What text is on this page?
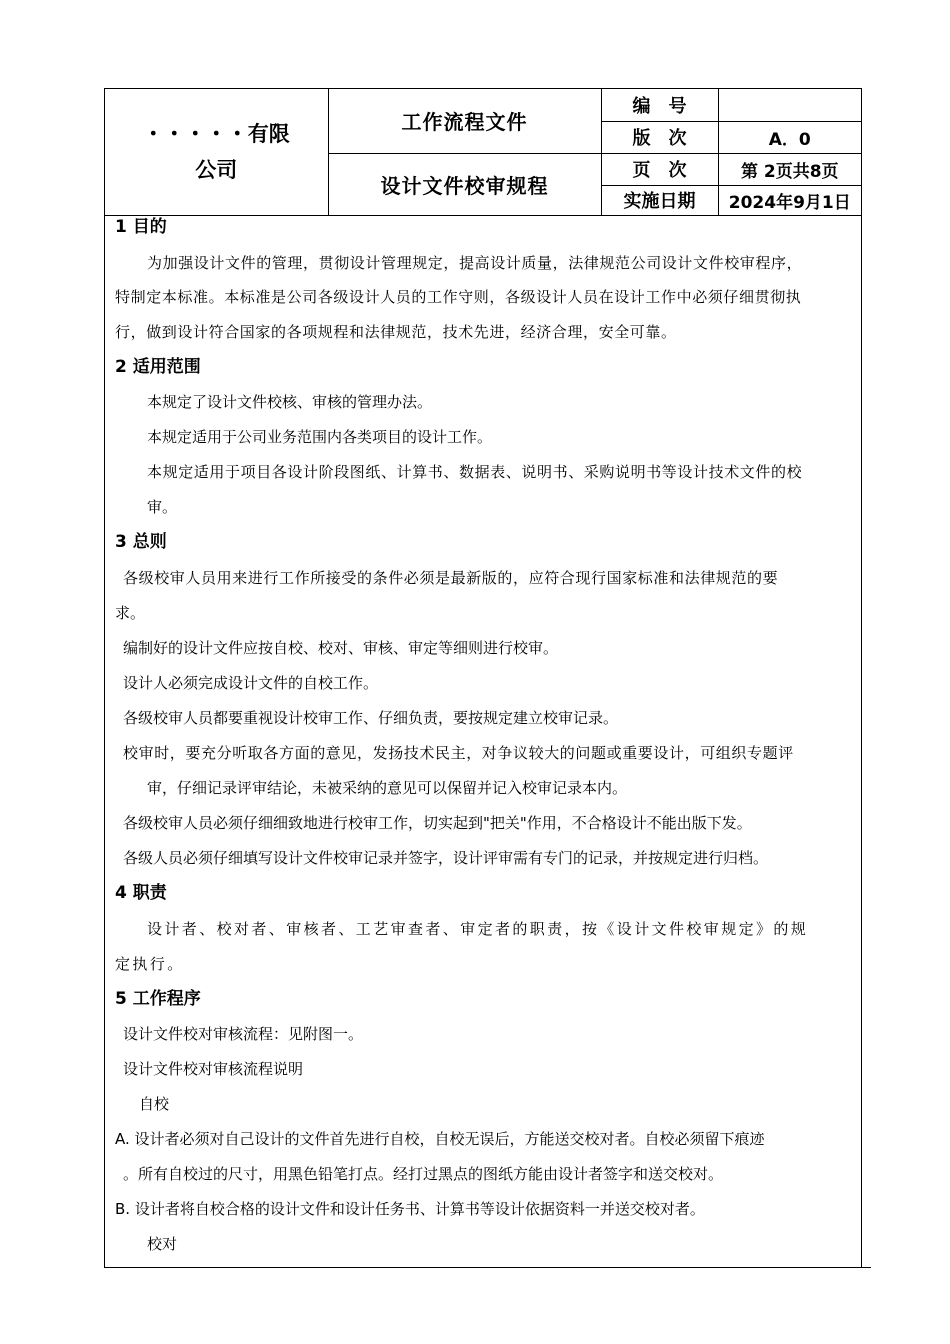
・・・・・有限公司	工作流程文件	编　号	
		版　次	A．0
	设计文件校审规程	页　次	第 2页共8页
		实施日期	2024年9月1日
1 目的
为加强设计文件的管理，贯彻设计管理规定，提高设计质量，法律规范公司设计文件校审程序，
特制定本标准。本标准是公司各级设计人员的工作守则，各级设计人员在设计工作中必须仔细贯彻执
行，做到设计符合国家的各项规程和法律规范，技术先进，经济合理，安全可靠。
2 适用范围
本规定了设计文件校核、审核的管理办法。
本规定适用于公司业务范围内各类项目的设计工作。
本规定适用于项目各设计阶段图纸、计算书、数据表、说明书、采购说明书等设计技术文件的校
审。
3 总则
各级校审人员用来进行工作所接受的条件必须是最新版的，应符合现行国家标准和法律规范的要
求。
编制好的设计文件应按自校、校对、审核、审定等细则进行校审。
设计人必须完成设计文件的自校工作。
各级校审人员都要重视设计校审工作、仔细负责，要按规定建立校审记录。
校审时，要充分听取各方面的意见，发扬技术民主，对争议较大的问题或重要设计，可组织专题评
审，仔细记录评审结论，未被采纳的意见可以保留并记入校审记录本内。
各级校审人员必须仔细细致地进行校审工作，切实起到"把关"作用，不合格设计不能出版下发。
各级人员必须仔细填写设计文件校审记录并签字，设计评审需有专门的记录，并按规定进行归档。
4 职责
设计者、校对者、审核者、工艺审查者、审定者的职责，按《设计文件校审规定》的规
定执行。
5 工作程序
设计文件校对审核流程：见附图一。
设计文件校对审核流程说明
自校
A. 设计者必须对自己设计的文件首先进行自校，自校无误后，方能送交校对者。自校必须留下痕迹
。所有自校过的尺寸，用黑色铅笔打点。经打过黑点的图纸方能由设计者签字和送交校对。
B. 设计者将自校合格的设计文件和设计任务书、计算书等设计依据资料一并送交校对者。
校对
